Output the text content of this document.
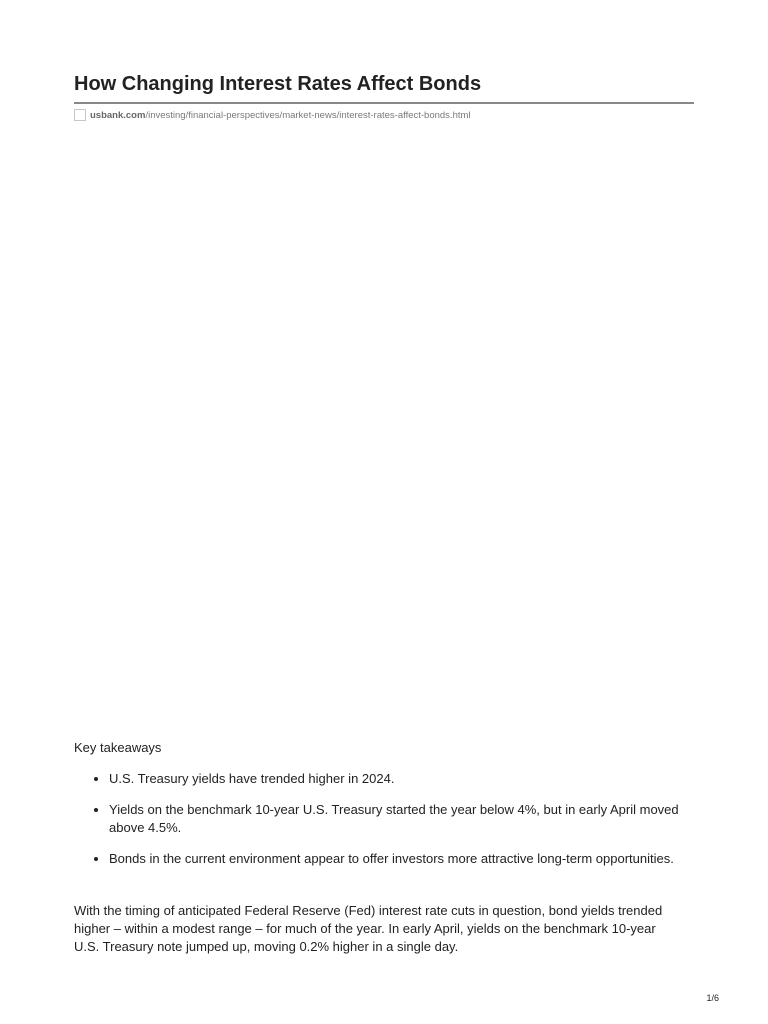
How Changing Interest Rates Affect Bonds
usbank.com /investing/financial-perspectives/market-news/interest-rates-affect-bonds.html
Key takeaways
U.S. Treasury yields have trended higher in 2024.
Yields on the benchmark 10-year U.S. Treasury started the year below 4%, but in early April moved above 4.5%.
Bonds in the current environment appear to offer investors more attractive long-term opportunities.

With the timing of anticipated Federal Reserve (Fed) interest rate cuts in question, bond yields trended higher – within a modest range – for much of the year. In early April, yields on the benchmark 10-year U.S. Treasury note jumped up, moving 0.2% higher in a single day.

1/6
